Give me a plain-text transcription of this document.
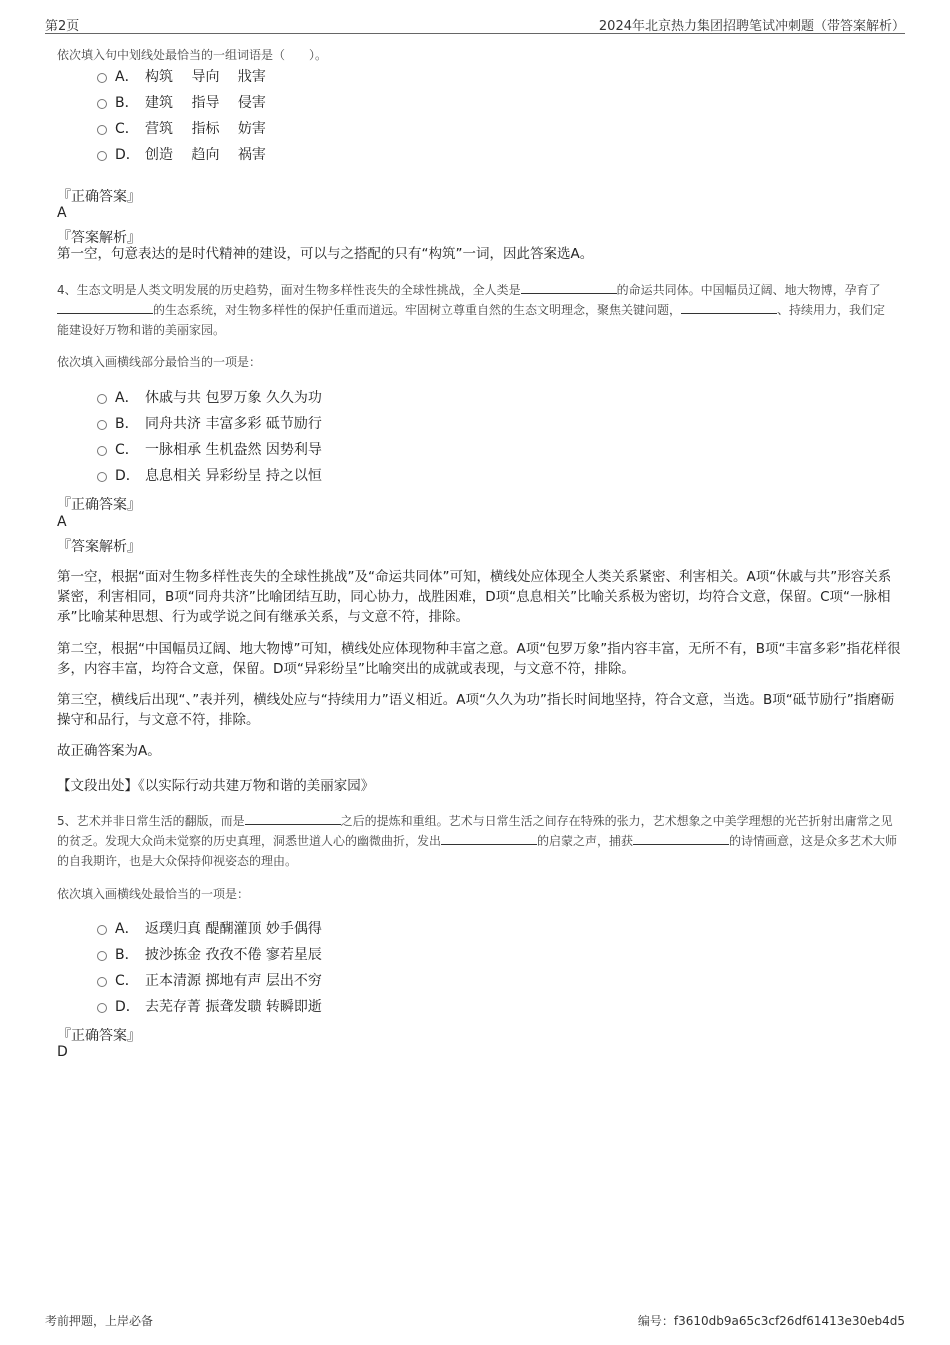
第2页	2024年北京热力集团招聘笔试冲刺题（带答案解析）
依次填入句中划线处最恰当的一组词语是（　　）。
A． 构筑　 导向　 戕害
B． 建筑　 指导　 侵害
C． 营筑　 指标　 妨害
D． 创造　 趋向　 祸害
『正确答案』
A
『答案解析』
第一空，句意表达的是时代精神的建设，可以与之搭配的只有“构筑”一词，因此答案选A。
4、生态文明是人类文明发展的历史趋势，面对生物多样性丧失的全球性挑战，全人类是	的命运共同体。中国幅员辽阔、地大物博，孕育了的生态系统，对生物多样性的保护任重而道远。牢固树立尊重自然的生态文明理念，聚焦关键问题，	、持续用力，我们定能建设好万物和谐的美丽家园。
依次填入画横线部分最恰当的一项是：
A． 休戚与共 包罗万象 久久为功
B． 同舟共济 丰富多彩 砥节励行
C． 一脉相承 生机盎然 因势利导
D． 息息相关 异彩纷呈 持之以恒
『正确答案』
A
『答案解析』
第一空，根据“面对生物多样性丧失的全球性挑战”及“命运共同体”可知，横线处应体现全人类关系紧密、利害相关。A项“休戚与共”形容关系紧密，利害相同，B项“同舟共济”比喻团结互助，同心协力，战胜困难，D项“息息相关”比喻关系极为密切，均符合文意，保留。C项“一脉相承”比喻某种思想、行为或学说之间有继承关系，与文意不符，排除。
第二空，根据“中国幅员辽阔、地大物博”可知，横线处应体现物种丰富之意。A项“包罗万象”指内容丰富，无所不有，B项“丰富多彩”指花样很多，内容丰富，均符合文意，保留。D项“异彩纷呈”比喻突出的成就或表现，与文意不符，排除。
第三空，横线后出现“、”表并列，横线处应与“持续用力”语义相近。A项“久久为功”指长时间地坚持，符合文意，当选。B项“砥节励行”指磨砺操守和品行，与文意不符，排除。
故正确答案为A。
【文段出处】《以实际行动共建万物和谐的美丽家园》
5、艺术并非日常生活的翻版，而是	之后的提炼和重组。艺术与日常生活之间存在特殊的张力，艺术想象之中美学理想的光芒折射出庸常之见的贫乏。发现大众尚未觉察的历史真理，洞悉世道人心的幽微曲折，发出	的启蒙之声，捕获	的诗情画意，这是众多艺术大师的自我期许，也是大众保持仰视姿态的理由。
依次填入画横线处最恰当的一项是：
A． 返璞归真 醍醐灌顶 妙手偶得
B． 披沙拣金 孜孜不倦 寥若星辰
C． 正本清源 掷地有声 层出不穷
D． 去芜存菁 振聋发聩 转瞬即逝
『正确答案』
D
考前押题，上岸必备	编号：f3610db9a65c3cf26df61413e30eb4d5
